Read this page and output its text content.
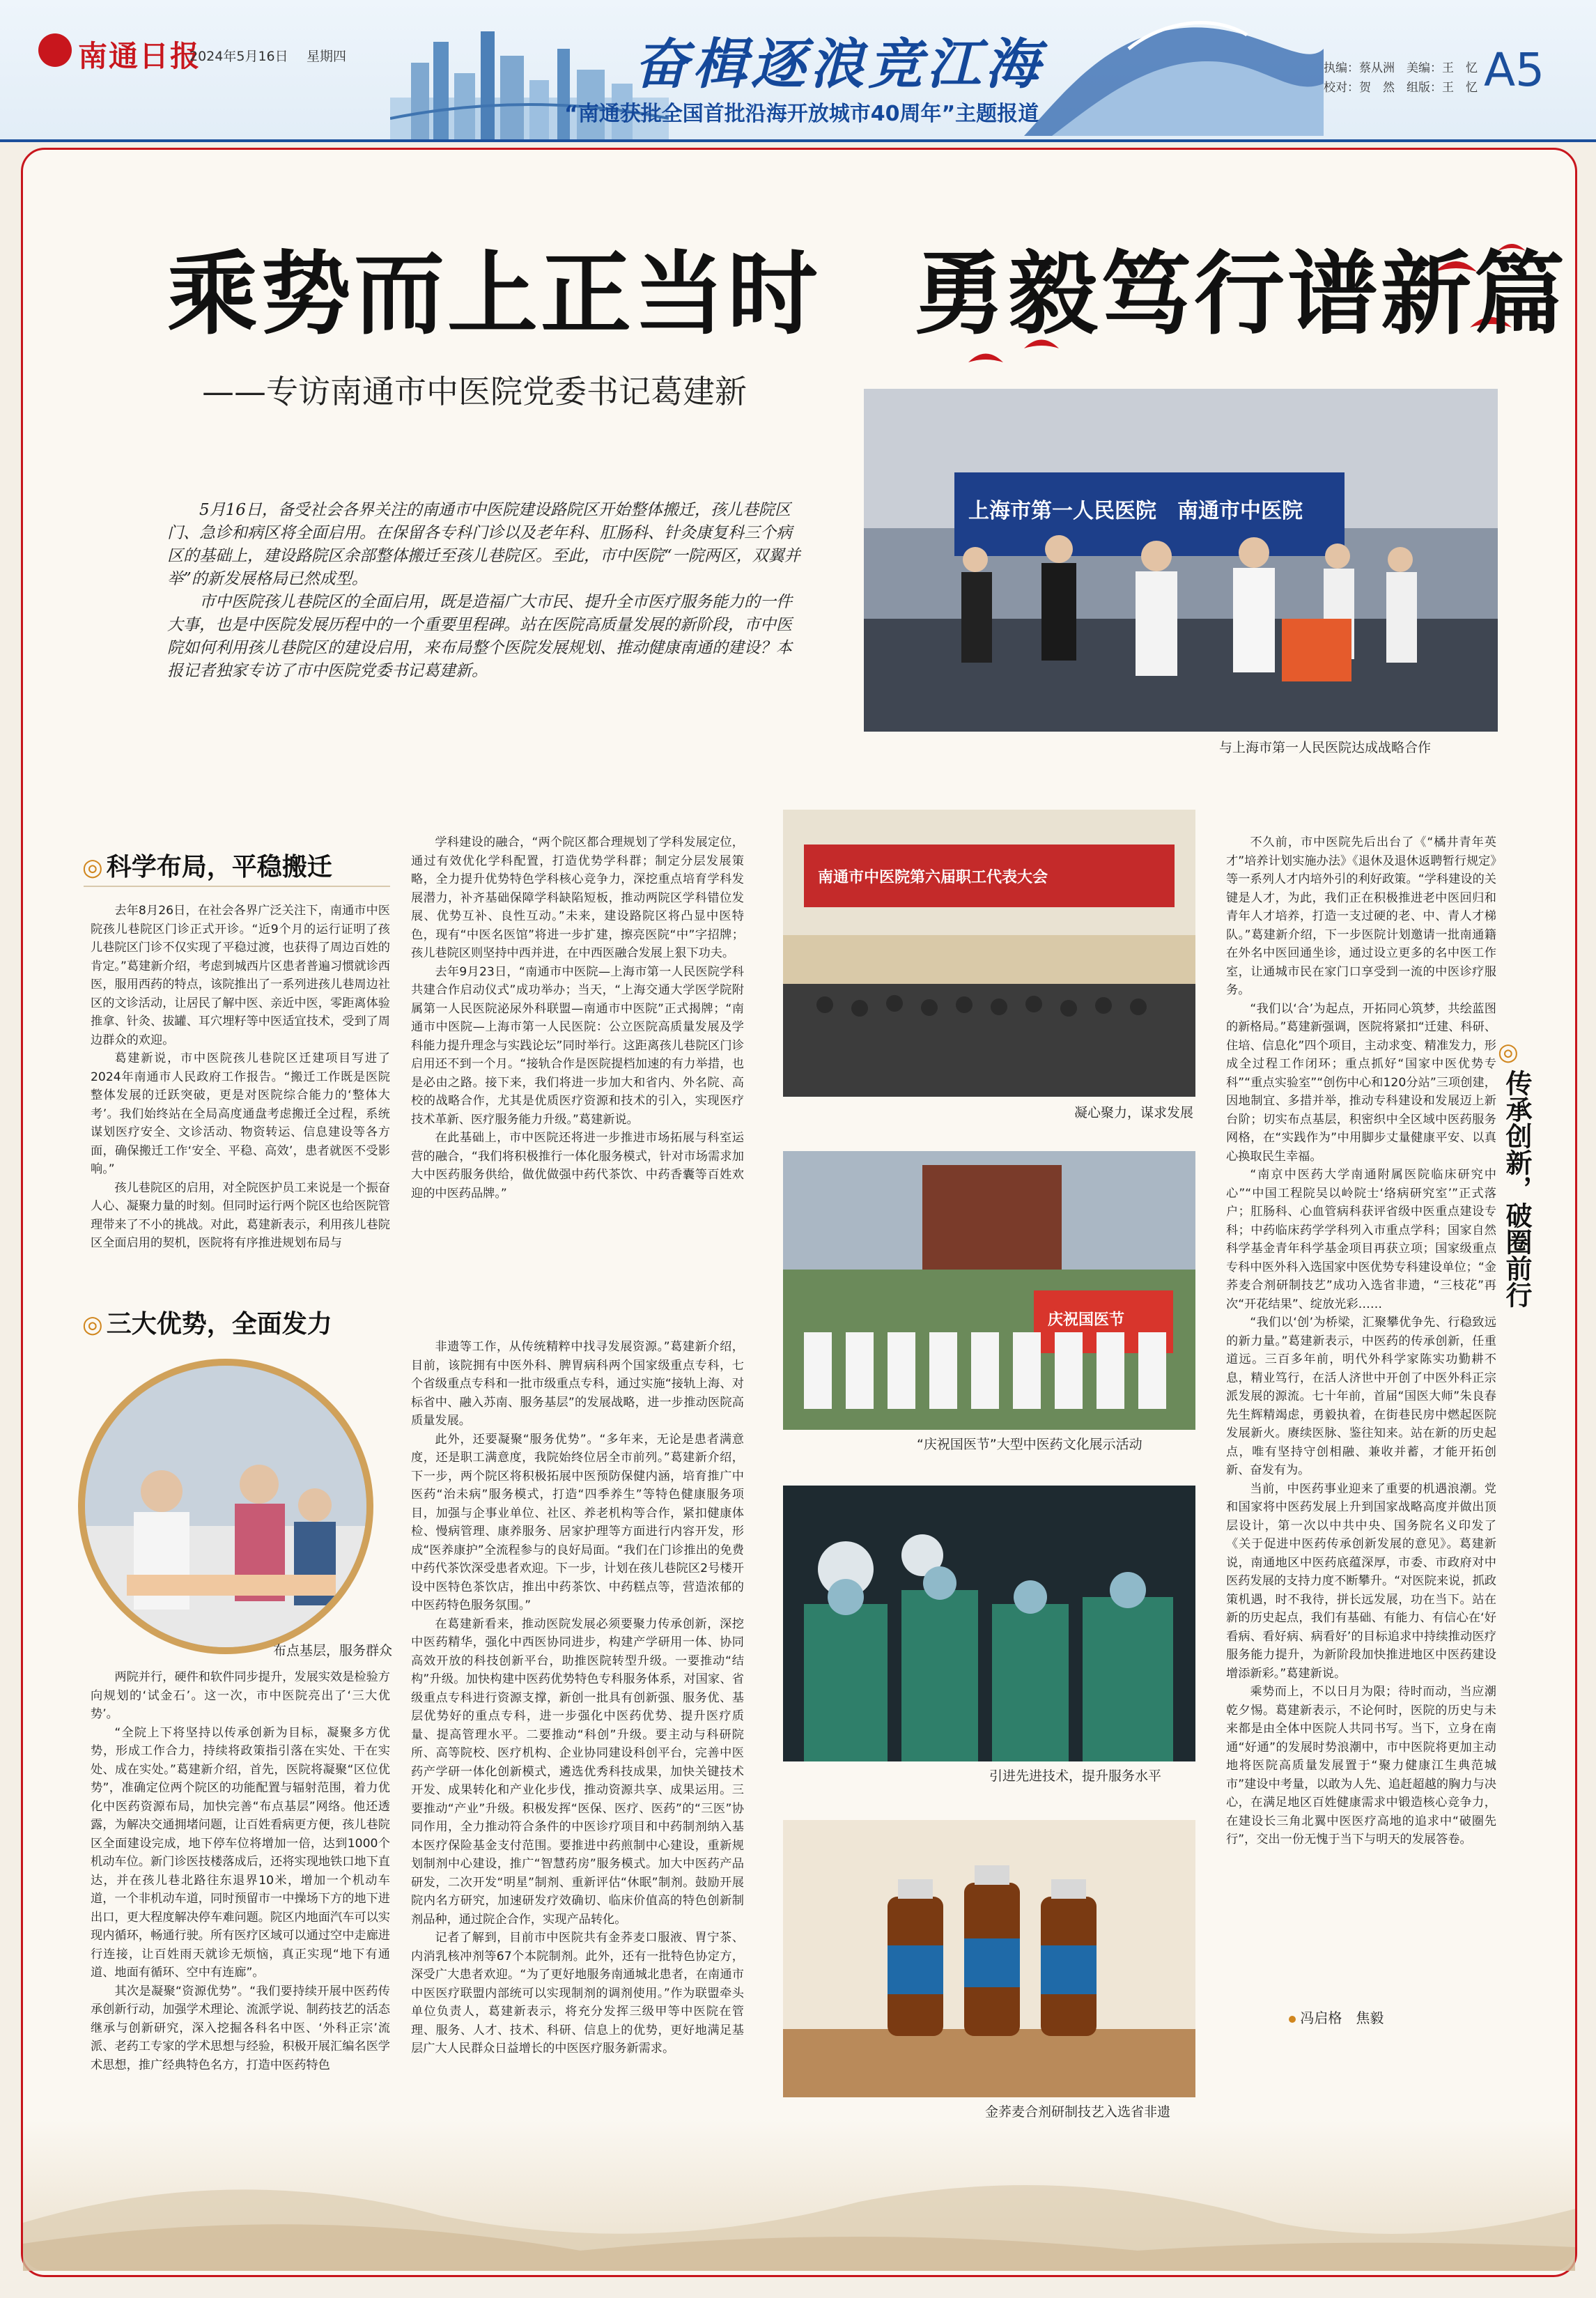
南通日报
2024年5月16日 星期四	奋楫逐浪竞江海
“南通获批全国首批沿海开放城市40周年”主题报道
执编：蔡从洲　美编：王　忆
校对：贺　然　组版：王　忆 A5
乘势而上正当时　勇毅笃行谱新篇
——专访南通市中医院党委书记葛建新

5月16日，备受社会各界关注的南通市中医院建设路院区开始整体搬迁，孩儿巷院区门、急诊和病区将全面启用。在保留各专科门诊以及老年科、肛肠科、针灸康复科三个病区的基础上，建设路院区余部整体搬迁至孩儿巷院区。至此，市中医院“一院两区，双翼并举”的新发展格局已然成型。

市中医院孩儿巷院区的全面启用，既是造福广大市民、提升全市医疗服务能力的一件大事，也是中医院发展历程中的一个重要里程碑。站在医院高质量发展的新阶段，市中医院如何利用孩儿巷院区的建设启用，来布局整个医院发展规划、推动健康南通的建设？本报记者独家专访了市中医院党委书记葛建新。

上海市第一人民医院　南通市中医院
与上海市第一人民医院达成战略合作
◎ 科学布局，平稳搬迁

去年8月26日，在社会各界广泛关注下，南通市中医院孩儿巷院区门诊正式开诊。“近9个月的运行证明了孩儿巷院区门诊不仅实现了平稳过渡，也获得了周边百姓的肯定。”葛建新介绍，考虑到城西片区患者普遍习惯就诊西医，服用西药的特点，该院推出了一系列进孩儿巷周边社区的文诊活动，让居民了解中医、亲近中医，零距离体验推拿、针灸、拔罐、耳穴埋籽等中医适宜技术，受到了周边群众的欢迎。

葛建新说，市中医院孩儿巷院区迁建项目写进了2024年南通市人民政府工作报告。“搬迁工作既是医院整体发展的迁跃突破，更是对医院综合能力的‘整体大考’。我们始终站在全局高度通盘考虑搬迁全过程，系统谋划医疗安全、文诊活动、物资转运、信息建设等各方面，确保搬迁工作‘安全、平稳、高效’，患者就医不受影响。”

孩儿巷院区的启用，对全院医护员工来说是一个振奋人心、凝聚力量的时刻。但同时运行两个院区也给医院管理带来了不小的挑战。对此，葛建新表示，利用孩儿巷院区全面启用的契机，医院将有序推进规划布局与

学科建设的融合，“两个院区都合理规划了学科发展定位，通过有效优化学科配置，打造优势学科群；制定分层发展策略，全力提升优势特色学科核心竞争力，深挖重点培育学科发展潜力，补齐基础保障学科缺陷短板，推动两院区学科错位发展、优势互补、良性互动。”未来，建设路院区将凸显中医特色，现有“中医名医馆”将进一步扩建，擦亮医院“中”字招牌；孩儿巷院区则坚持中西并进，在中西医融合发展上狠下功夫。

去年9月23日，“南通市中医院—上海市第一人民医院学科共建合作启动仪式”成功举办；当天，“上海交通大学医学院附属第一人民医院泌尿外科联盟—南通市中医院”正式揭牌；“南通市中医院—上海市第一人民医院：公立医院高质量发展及学科能力提升理念与实践论坛”同时举行。这距离孩儿巷院区门诊启用还不到一个月。“接轨合作是医院提档加速的有力举措，也是必由之路。接下来，我们将进一步加大和省内、外名院、高校的战略合作，尤其是优质医疗资源和技术的引入，实现医疗技术革新、医疗服务能力升级。”葛建新说。

在此基础上，市中医院还将进一步推进市场拓展与科室运营的融合，“我们将积极推行一体化服务模式，针对市场需求加大中医药服务供给，做优做强中药代茶饮、中药香囊等百姓欢迎的中医药品牌。”

◎ 三大优势，全面发力
布点基层，服务群众

两院并行，硬件和软件同步提升，发展实效是检验方向规划的‘试金石’。这一次，市中医院亮出了‘三大优势’。

“全院上下将坚持以传承创新为目标，凝聚多方优势，形成工作合力，持续将政策指引落在实处、干在实处、成在实处。”葛建新介绍，首先，医院将凝聚“区位优势”，准确定位两个院区的功能配置与辐射范围，着力优化中医药资源布局，加快完善“布点基层”网络。他还透露，为解决交通拥堵问题，让百姓看病更方便，孩儿巷院区全面建设完成，地下停车位将增加一倍，达到1000个机动车位。新门诊医技楼落成后，还将实现地铁口地下直达，并在孩儿巷北路往东退界10米，增加一个机动车道，一个非机动车道，同时预留市一中操场下方的地下进出口，更大程度解决停车难问题。院区内地面汽车可以实现内循环，畅通行驶。所有医疗区域可以通过空中走廊进行连接，让百姓雨天就诊无烦恼，真正实现“地下有通道、地面有循环、空中有连廊”。

其次是凝聚“资源优势”。“我们要持续开展中医药传承创新行动，加强学术理论、流派学说、制药技艺的活态继承与创新研究，深入挖掘各科名中医、‘外科正宗’流派、老药工专家的学术思想与经验，积极开展汇编名医学术思想，推广经典特色名方，打造中医药特色

非遗等工作，从传统精粹中找寻发展资源。”葛建新介绍，目前，该院拥有中医外科、脾胃病科两个国家级重点专科，七个省级重点专科和一批市级重点专科，通过实施“接轨上海、对标省中、融入苏南、服务基层”的发展战略，进一步推动医院高质量发展。

此外，还要凝聚“服务优势”。“多年来，无论是患者满意度，还是职工满意度，我院始终位居全市前列。”葛建新介绍，下一步，两个院区将积极拓展中医预防保健内涵，培育推广中医药“治未病”服务模式，打造“四季养生”等特色健康服务项目，加强与企事业单位、社区、养老机构等合作，紧扣健康体检、慢病管理、康养服务、居家护理等方面进行内容开发，形成“医养康护”全流程参与的良好局面。“我们在门诊推出的免费中药代茶饮深受患者欢迎。下一步，计划在孩儿巷院区2号楼开设中医特色茶饮店，推出中药茶饮、中药糕点等，营造浓郁的中医药特色服务氛围。”

在葛建新看来，推动医院发展必须要聚力传承创新，深挖中医药精华，强化中西医协同进步，构建产学研用一体、协同高效开放的科技创新平台，助推医院转型升级。一要推动“结构”升级。加快构建中医药优势特色专科服务体系，对国家、省级重点专科进行资源支撑，新创一批具有创新强、服务优、基层优势好的重点专科，进一步强化中医药优势、提升医疗质量、提高管理水平。二要推动“科创”升级。要主动与科研院所、高等院校、医疗机构、企业协同建设科创平台，完善中医药产学研一体化创新模式，遴选优秀科技成果，加快关键技术开发、成果转化和产业化步伐，推动资源共享、成果运用。三要推动“产业”升级。积极发挥“医保、医疗、医药”的“三医”协同作用，全力推动符合条件的中医诊疗项目和中药制剂纳入基本医疗保险基金支付范围。要推进中药煎制中心建设，重新规划制剂中心建设，推广“智慧药房”服务模式。加大中医药产品研发，二次开发“明星”制剂、重新评估“休眠”制剂。鼓励开展院内名方研究，加速研发疗效确切、临床价值高的特色创新制剂品种，通过院企合作，实现产品转化。

记者了解到，目前市中医院共有金荞麦口服液、胃宁茶、内消乳核冲剂等67个本院制剂。此外，还有一批特色协定方，深受广大患者欢迎。“为了更好地服务南通城北患者，在南通市中医医疗联盟内部统可以实现制剂的调剂使用。”作为联盟牵头单位负责人，葛建新表示，将充分发挥三级甲等中医院在管理、服务、人才、技术、科研、信息上的优势，更好地满足基层广大人民群众日益增长的中医医疗服务新需求。

南通市中医院第六届职工代表大会
凝心聚力，谋求发展
庆祝国医节
“庆祝国医节”大型中医药文化展示活动
引进先进技术，提升服务水平
金荞麦合剂研制技艺入选省非遗

不久前，市中医院先后出台了《“橘井青年英才”培养计划实施办法》《退休及退休返聘暂行规定》等一系列人才内培外引的利好政策。“学科建设的关键是人才，为此，我们正在积极推进老中医回归和青年人才培养，打造一支过硬的老、中、青人才梯队。”葛建新介绍，下一步医院计划邀请一批南通籍在外名中医回通坐诊，通过设立更多的名中医工作室，让通城市民在家门口享受到一流的中医诊疗服务。

“我们以‘合’为起点，开拓同心筑梦，共绘蓝图的新格局。”葛建新强调，医院将紧扣“迁建、科研、住培、信息化”四个项目，主动求变、精准发力，形成全过程工作闭环；重点抓好“国家中医优势专科”“重点实验室”“创伤中心和120分站”三项创建，因地制宜、多措并举，推动专科建设和发展迈上新台阶；切实布点基层，积密织中全区域中医药服务网格，在“实践作为”中用脚步丈量健康平安、以真心换取民生幸福。

“南京中医药大学南通附属医院临床研究中心”“中国工程院吴以岭院士‘络病研究室’”正式落户；肛肠科、心血管病科获评省级中医重点建设专科；中药临床药学学科列入市重点学科；国家自然科学基金青年科学基金项目再获立项；国家级重点专科中医外科入选国家中医优势专科建设单位；“金荞麦合剂研制技艺”成功入选省非遗，“三枝花”再次“开花结果”、绽放光彩……

“我们以‘创’为桥梁，汇聚攀优争先、行稳致远的新力量。”葛建新表示，中医药的传承创新，任重道远。三百多年前，明代外科学家陈实功勤耕不息，精业笃行，在活人济世中开创了中医外科正宗派发展的源流。七十年前，首届“国医大师”朱良春先生辉精竭虑，勇毅执着，在街巷民房中燃起医院发展新火。赓续医脉、鉴往知来。站在新的历史起点，唯有坚持守创相融、兼收并蓄，才能开拓创新、奋发有为。

当前，中医药事业迎来了重要的机遇浪潮。党和国家将中医药发展上升到国家战略高度并做出顶层设计，第一次以中共中央、国务院名义印发了《关于促进中医药传承创新发展的意见》。葛建新说，南通地区中医药底蕴深厚，市委、市政府对中医药发展的支持力度不断攀升。“对医院来说，抓政策机遇，时不我待，拼长远发展，功在当下。站在新的历史起点，我们有基础、有能力、有信心在‘好看病、看好病、病看好’的目标追求中持续推动医疗服务能力提升，为新阶段加快推进地区中医药建设增添新彩。”葛建新说。

乘势而上，不以日月为限；待时而动，当应潮乾夕惕。葛建新表示，不论何时，医院的历史与未来都是由全体中医院人共同书写。当下，立身在南通“好通”的发展时势浪潮中，市中医院将更加主动地将医院高质量发展置于“聚力健康江生典范城市”建设中考量，以敢为人先、追赶超越的胸力与决心，在满足地区百姓健康需求中锻造核心竞争力，在建设长三角北翼中医医疗高地的追求中“破圈先行”，交出一份无愧于当下与明天的发展答卷。

◎
传承创新，破圈前行
冯启格　焦毅
